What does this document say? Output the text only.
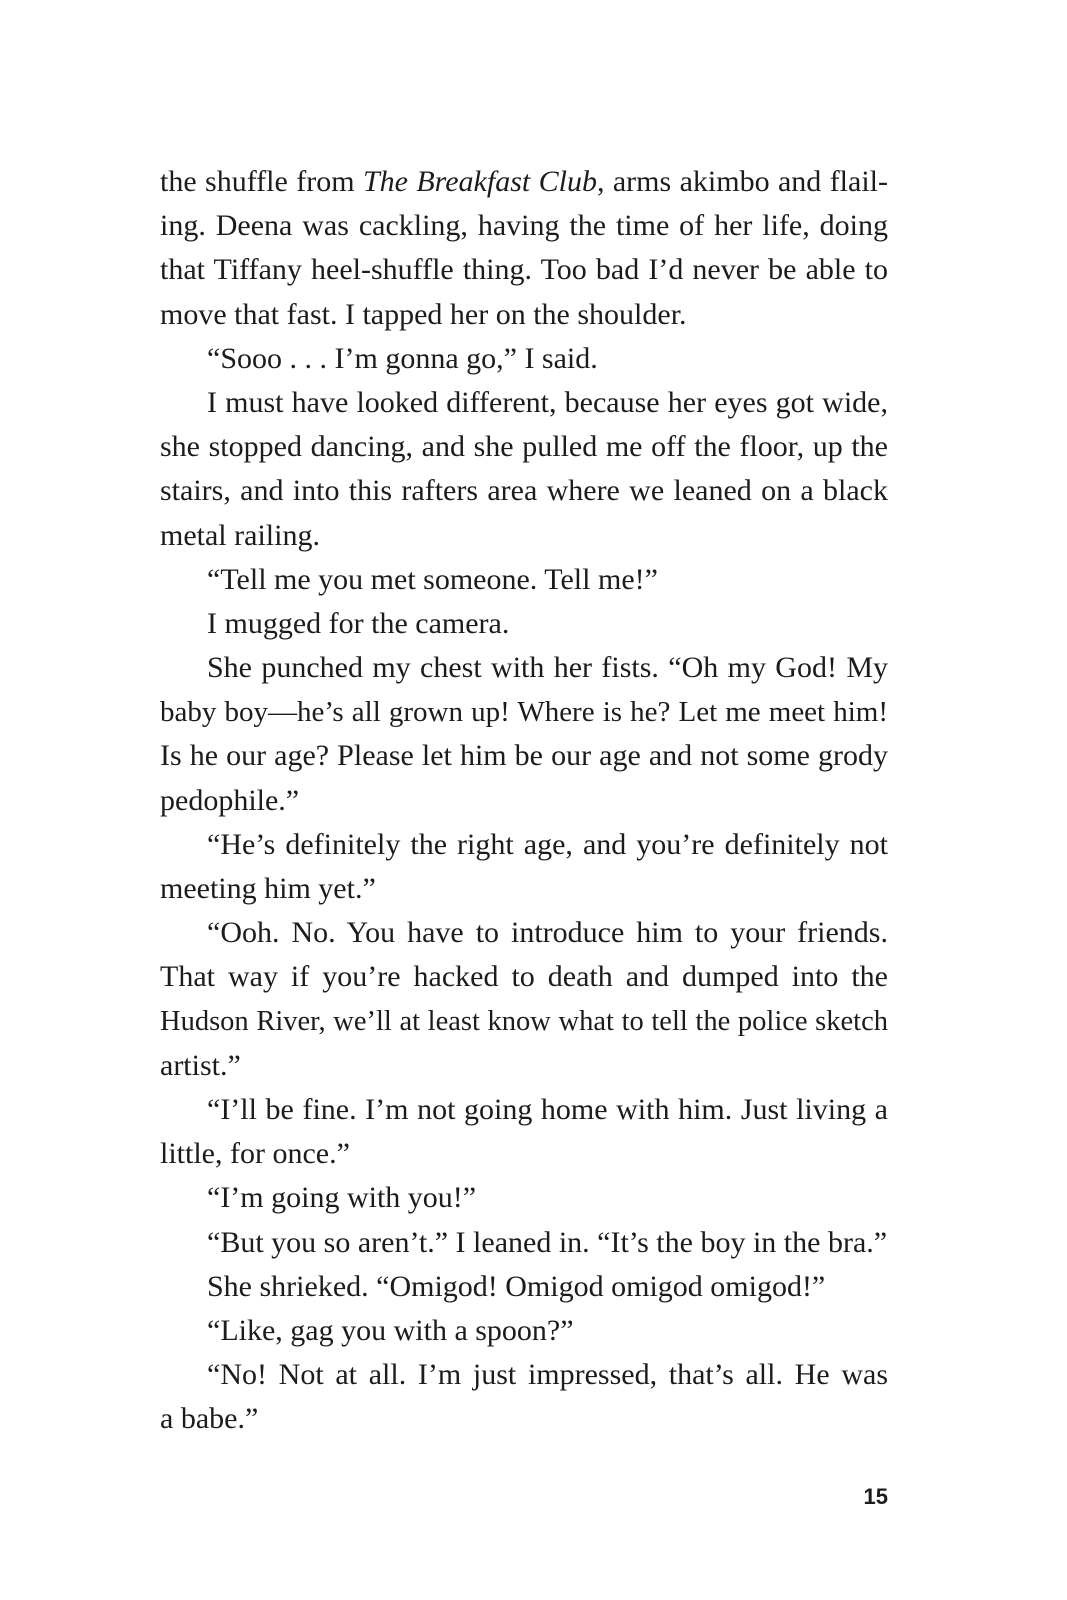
the shuffle from The Breakfast Club, arms akimbo and flail-
ing. Deena was cackling, having the time of her life, doing
that Tiffany heel-shuffle thing. Too bad I’d never be able to
move that fast. I tapped her on the shoulder.
“Sooo . . . I’m gonna go,” I said.
I must have looked different, because her eyes got wide,
she stopped dancing, and she pulled me off the floor, up the
stairs, and into this rafters area where we leaned on a black
metal railing.
“Tell me you met someone. Tell me!”
I mugged for the camera.
She punched my chest with her fists. “Oh my God! My
baby boy—he’s all grown up! Where is he? Let me meet him!
Is he our age? Please let him be our age and not some grody
pedophile.”
“He’s definitely the right age, and you’re definitely not
meeting him yet.”
“Ooh. No. You have to introduce him to your friends.
That way if you’re hacked to death and dumped into the
Hudson River, we’ll at least know what to tell the police sketch
artist.”
“I’ll be fine. I’m not going home with him. Just living a
little, for once.”
“I’m going with you!”
“But you so aren’t.” I leaned in. “It’s the boy in the bra.”
She shrieked. “Omigod! Omigod omigod omigod!”
“Like, gag you with a spoon?”
“No! Not at all. I’m just impressed, that’s all. He was
a babe.”
15
